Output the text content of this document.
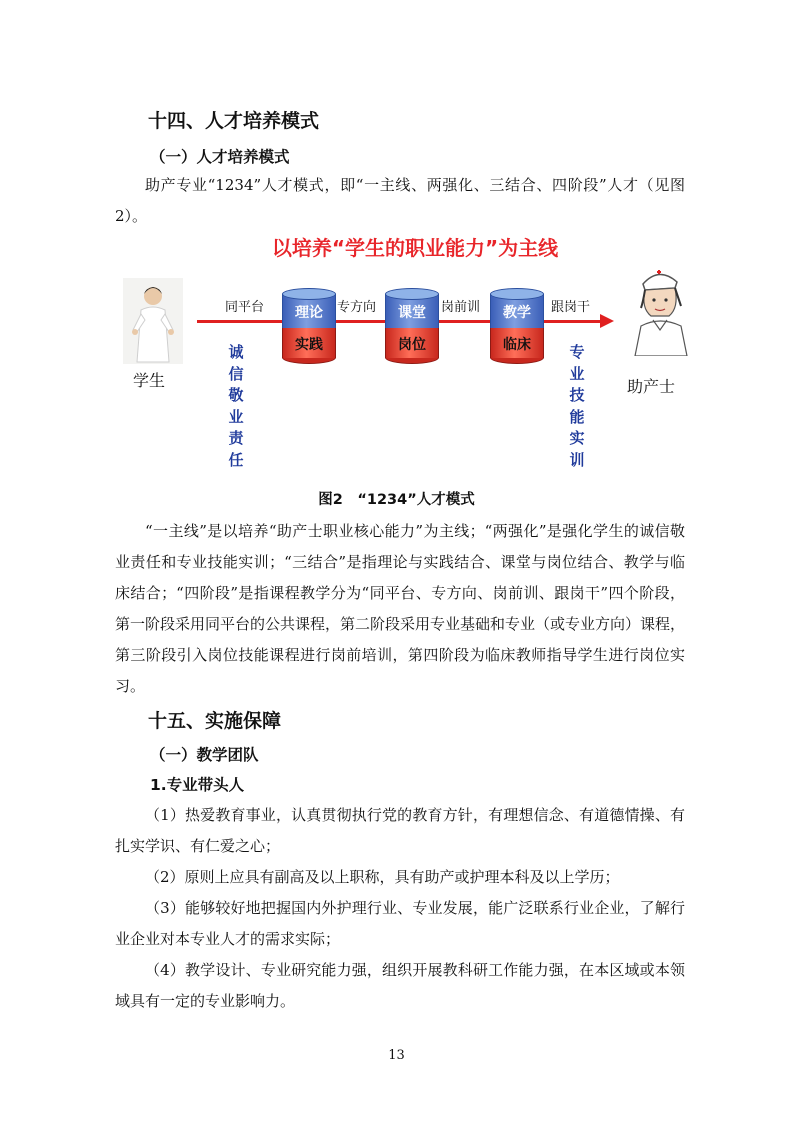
十四、人才培养模式
（一）人才培养模式

助产专业“1234”人才模式，即“一主线、两强化、三结合、四阶段”人才（见图2）。

以培养“学生的职业能力”为主线
学生
同平台	专方向	岗前训	跟岗干
理论
实践
课堂
岗位
教学
临床
诚信敬业责任
专业技能实训
助产士
图2　“1234”人才模式

“一主线”是以培养“助产士职业核心能力”为主线；“两强化”是强化学生的诚信敬业责任和专业技能实训；“三结合”是指理论与实践结合、课堂与岗位结合、教学与临床结合；“四阶段”是指课程教学分为“同平台、专方向、岗前训、跟岗干”四个阶段，第一阶段采用同平台的公共课程，第二阶段采用专业基础和专业（或专业方向）课程，第三阶段引入岗位技能课程进行岗前培训，第四阶段为临床教师指导学生进行岗位实习。

十五、实施保障
（一）教学团队
1.专业带头人

（1）热爱教育事业，认真贯彻执行党的教育方针，有理想信念、有道德情操、有扎实学识、有仁爱之心；

（2）原则上应具有副高及以上职称，具有助产或护理本科及以上学历；

（3）能够较好地把握国内外护理行业、专业发展，能广泛联系行业企业，了解行业企业对本专业人才的需求实际；

（4）教学设计、专业研究能力强，组织开展教科研工作能力强，在本区域或本领域具有一定的专业影响力。

13
